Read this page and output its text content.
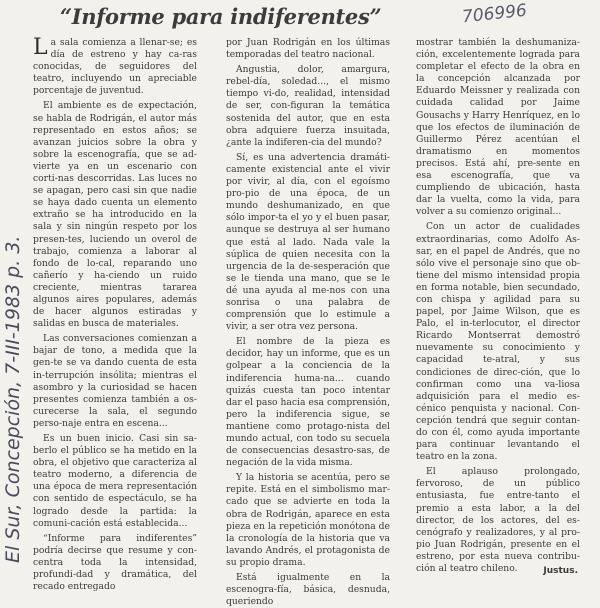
“Informe para indiferentes”	706996
El Sur, Concepción, 7-III-1983 p. 3.

La sala comienza a llenar-se; es día de estreno y hay ca-ras conocidas, de seguidores del teatro, incluyendo un apreciable porcentaje de juventud.

El ambiente es de expectación, se habla de Rodrigán, el autor más representado en estos años; se avanzan juicios sobre la obra y sobre la escenografía, que se ad-vierte ya en un escenario con corti-nas descorridas. Las luces no se apagan, pero casi sin que nadie se haya dado cuenta un elemento extraño se ha introducido en la sala y sin ningún respeto por los presen-tes, luciendo un overol de trabajo, comienza a laborar al fondo de lo-cal, reparando uno cañerío y ha-ciendo un ruido creciente, mientras tararea algunos aires populares, además de hacer algunos estiradas y salidas en busca de materiales.

Las conversaciones comienzan a bajar de tono, a medida que la gen-te se va dando cuenta de esta in-terrupción insólita; mientras el asombro y la curiosidad se hacen presentes comienza también a os-curecerse la sala, el segundo perso-naje entra en escena...

Es un buen inicio. Casi sin sa-berlo el público se ha metido en la obra, el objetivo que caracteriza al teatro moderno, a diferencia de una época de mera representación con sentido de espectáculo, se ha logrado desde la partida: la comuni-cación está establecida...

“Informe para indiferentes” podría decirse que resume y con-centra toda la intensidad, profundi-dad y dramática, del recado entregado

por Juan Rodrigán en los últimas temporadas del teatro nacional.

Angustia, dolor, amargura, rebel-día, soledad..., el mismo tiempo vi-do, realidad, intensidad de ser, con-figuran la temática sostenida del autor, que en esta obra adquiere fuerza insuitada, ¿ante la indiferen-cia del mundo?

Sí, es una advertencia dramáti-camente existencial ante el vivir por vivir, al día, con el egoísmo pro-pio de una época, de un mundo deshumanizado, en que sólo impor-ta el yo y el buen pasar, aunque se destruya al ser humano que está al lado. Nada vale la súplica de quien necesita con la urgencia de la de-sesperación que se le tienda una mano, que se le dé una ayuda al me-nos con una sonrisa o una palabra de comprensión que lo estimule a vivir, a ser otra vez persona.

El nombre de la pieza es decidor, hay un informe, que es un golpear a la conciencia de la indiferencia huma-na... cuando quizás cuesta tan poco intentar dar el paso hacia esa comprensión, pero la indiferencia sigue, se mantiene como protago-nista del mundo actual, con todo su secuela de consecuencias desastro-sas, de negación de la vida misma.

Y la historia se acentúa, pero se repite. Está en el simbolismo mar-cado que se advierte en toda la obra de Rodrigán, aparece en esta pieza en la repetición monótona de la cronología de la historia que va lavando Andrés, el protagonista de su propio drama.

Está igualmente en la escenogra-fía, básica, desnuda, queriendo

mostrar también la deshumaniza-ción, excelentemente lograda para completar el efecto de la obra en la concepción alcanzada por Eduardo Meissner y realizada con cuidada calidad por Jaime Gousachs y Harry Henríquez, en lo que los efectos de iluminación de Guillermo Pérez acentúan el dramatismo en momentos precisos. Está ahí, pre-sente en esa escenografía, que va cumpliendo de ubicación, hasta dar la vuelta, como la vida, para volver a su comienzo original...

Con un actor de cualidades extraordinarias, como Adolfo As-sar, en el papel de Andrés, que no sólo vive el personaje sino que ob-tiene del mismo intensidad propia en forma notable, bien secundado, con chispa y agilidad para su papel, por Jaime Wilson, que es Palo, el in-terlocutor, el director Ricardo Montserrat demostró nuevamente su conocimiento y capacidad te-atral, y sus condiciones de direc-ción, que lo confirman como una va-liosa adquisición para el medio es-cénico penquista y nacional. Con-cepción tendrá que seguir contan-do con él, como ayuda importante para continuar levantando el teatro en la zona.

El aplauso prolongado, fervoroso, de un público entusiasta, fue entre-tanto el premio a esta labor, a la del director, de los actores, del es-cenógrafo y realizadores, y al pro-pio Juan Rodrigán, presente en el estreno, por esta nueva contribu-ción al teatro chileno.	Justus.
